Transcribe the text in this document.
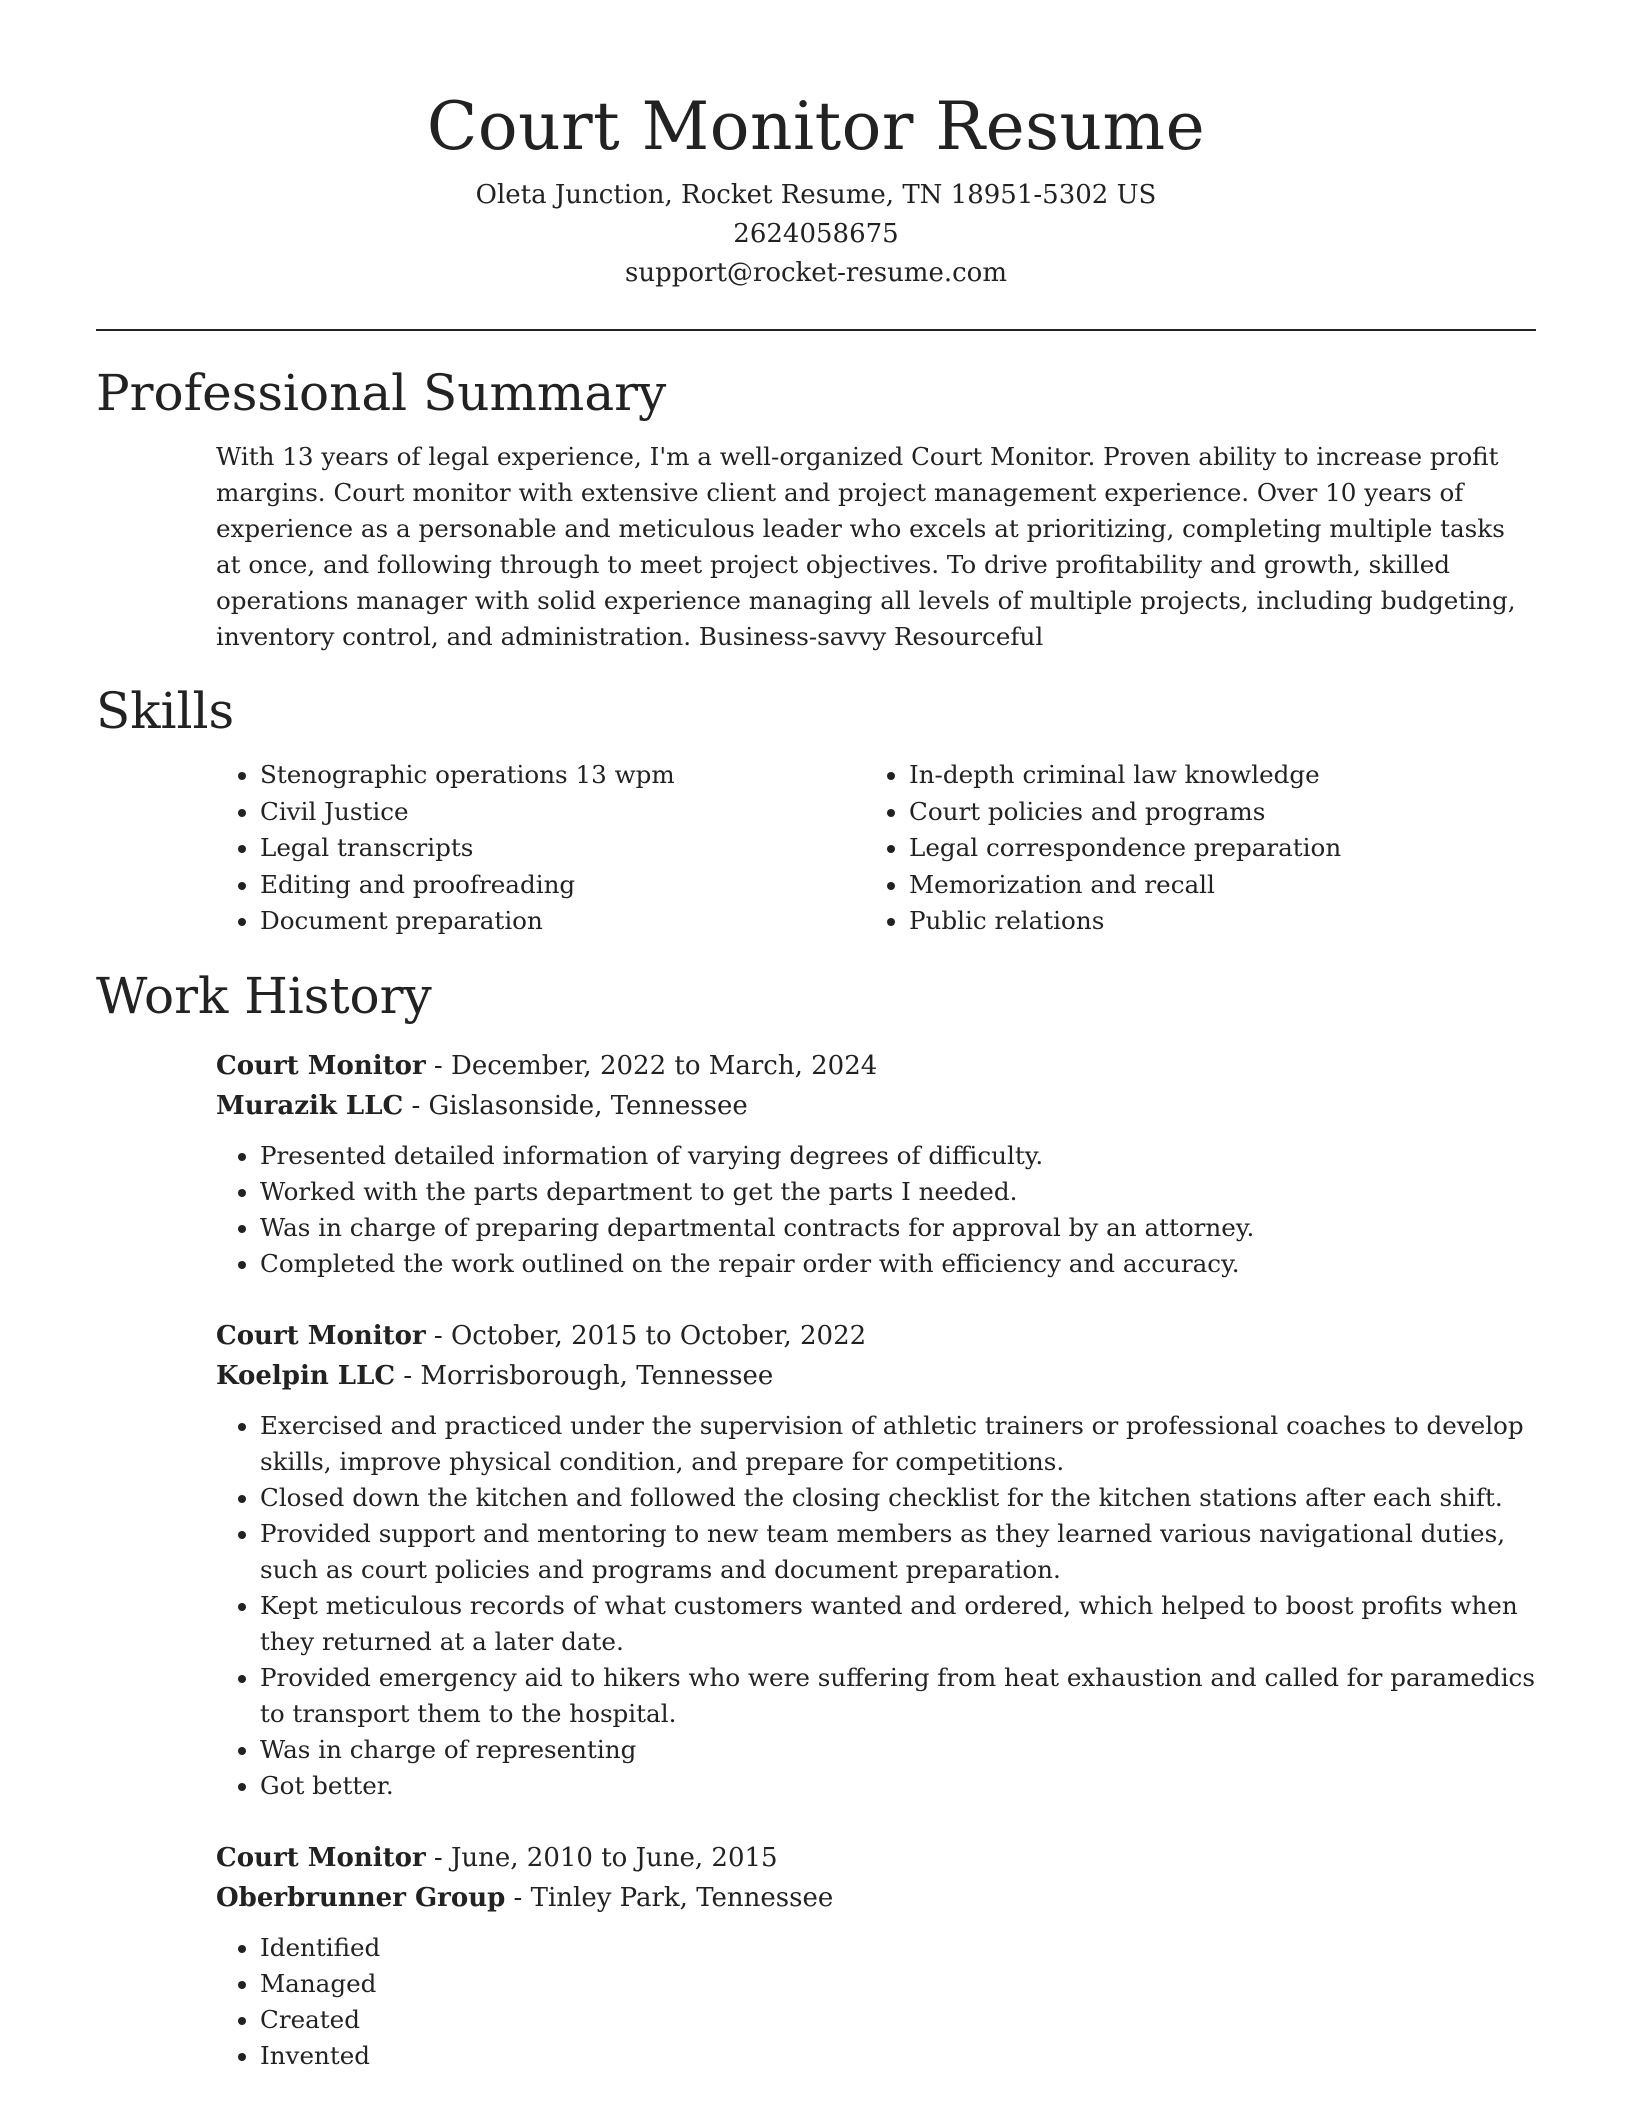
Court Monitor Resume
Oleta Junction, Rocket Resume, TN 18951-5302 US
2624058675
support@rocket-resume.com
Professional Summary

With 13 years of legal experience, I'm a well-organized Court Monitor. Proven ability to increase profit margins. Court monitor with extensive client and project management experience. Over 10 years of experience as a personable and meticulous leader who excels at prioritizing, completing multiple tasks at once, and following through to meet project objectives. To drive profitability and growth, skilled operations manager with solid experience managing all levels of multiple projects, including budgeting, inventory control, and administration. Business-savvy Resourceful

Skills
• Stenographic operations 13 wpm
• Civil Justice
• Legal transcripts
• Editing and proofreading
• Document preparation
• In-depth criminal law knowledge
• Court policies and programs
• Legal correspondence preparation
• Memorization and recall
• Public relations
Work History
Court Monitor - December, 2022 to March, 2024
Murazik LLC - Gislasonside, Tennessee
• Presented detailed information of varying degrees of difficulty.
• Worked with the parts department to get the parts I needed.
• Was in charge of preparing departmental contracts for approval by an attorney.
• Completed the work outlined on the repair order with efficiency and accuracy.
Court Monitor - October, 2015 to October, 2022
Koelpin LLC - Morrisborough, Tennessee
• Exercised and practiced under the supervision of athletic trainers or professional coaches to develop skills, improve physical condition, and prepare for competitions.
• Closed down the kitchen and followed the closing checklist for the kitchen stations after each shift.
• Provided support and mentoring to new team members as they learned various navigational duties, such as court policies and programs and document preparation.
• Kept meticulous records of what customers wanted and ordered, which helped to boost profits when they returned at a later date.
• Provided emergency aid to hikers who were suffering from heat exhaustion and called for paramedics to transport them to the hospital.
• Was in charge of representing
• Got better.
Court Monitor - June, 2010 to June, 2015
Oberbrunner Group - Tinley Park, Tennessee
• Identified
• Managed
• Created
• Invented
